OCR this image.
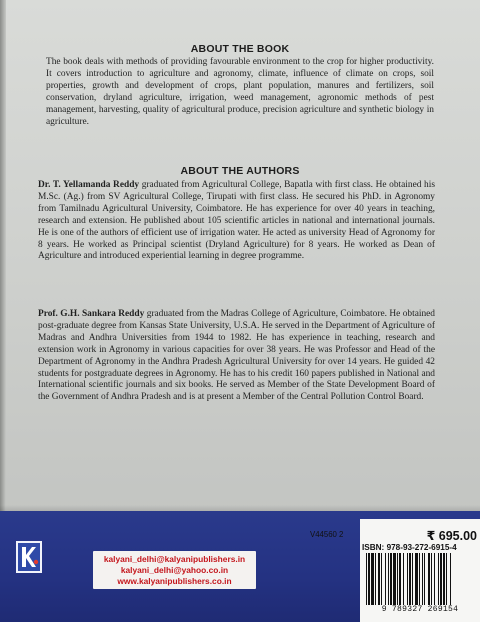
ABOUT THE BOOK

The book deals with methods of providing favourable environment to the crop for higher productivity. It covers introduction to agriculture and agronomy, climate, influence of climate on crops, soil properties, growth and development of crops, plant population, manures and fertilizers, soil conservation, dryland agriculture, irrigation, weed management, agronomic methods of pest management, harvesting, quality of agricultural produce, precision agriculture and synthetic biology in agriculture.

ABOUT THE AUTHORS

Dr. T. Yellamanda Reddy graduated from Agricultural College, Bapatla with first class. He obtained his M.Sc. (Ag.) from SV Agricultural College, Tirupati with first class. He secured his PhD. in Agronomy from Tamilnadu Agricultural University, Coimbatore. He has experience for over 40 years in teaching, research and extension. He published about 105 scientific articles in national and international journals. He is one of the authors of efficient use of irrigation water. He acted as university Head of Agronomy for 8 years. He worked as Principal scientist (Dryland Agriculture) for 8 years. He worked as Dean of Agriculture and introduced experiential learning in degree programme.

Prof. G.H. Sankara Reddy graduated from the Madras College of Agriculture, Coimbatore. He obtained post-graduate degree from Kansas State University, U.S.A. He served in the Department of Agriculture of Madras and Andhra Universities from 1944 to 1982. He has experience in teaching, research and extension work in Agronomy in various capacities for over 38 years. He was Professor and Head of the Department of Agronomy in the Andhra Pradesh Agricultural University for over 14 years. He guided 42 students for postgraduate degrees in Agronomy. He has to his credit 160 papers published in National and International scientific journals and six books. He served as Member of the State Development Board of the Government of Andhra Pradesh and is at present a Member of the Central Pollution Control Board.

kalyani_delhi@kalyanipublishers.in
kalyani_delhi@yahoo.co.in
www.kalyanipublishers.co.in
V44560 2	₹ 695.00
ISBN: 978-93-272-6915-4
9 789327 269154
